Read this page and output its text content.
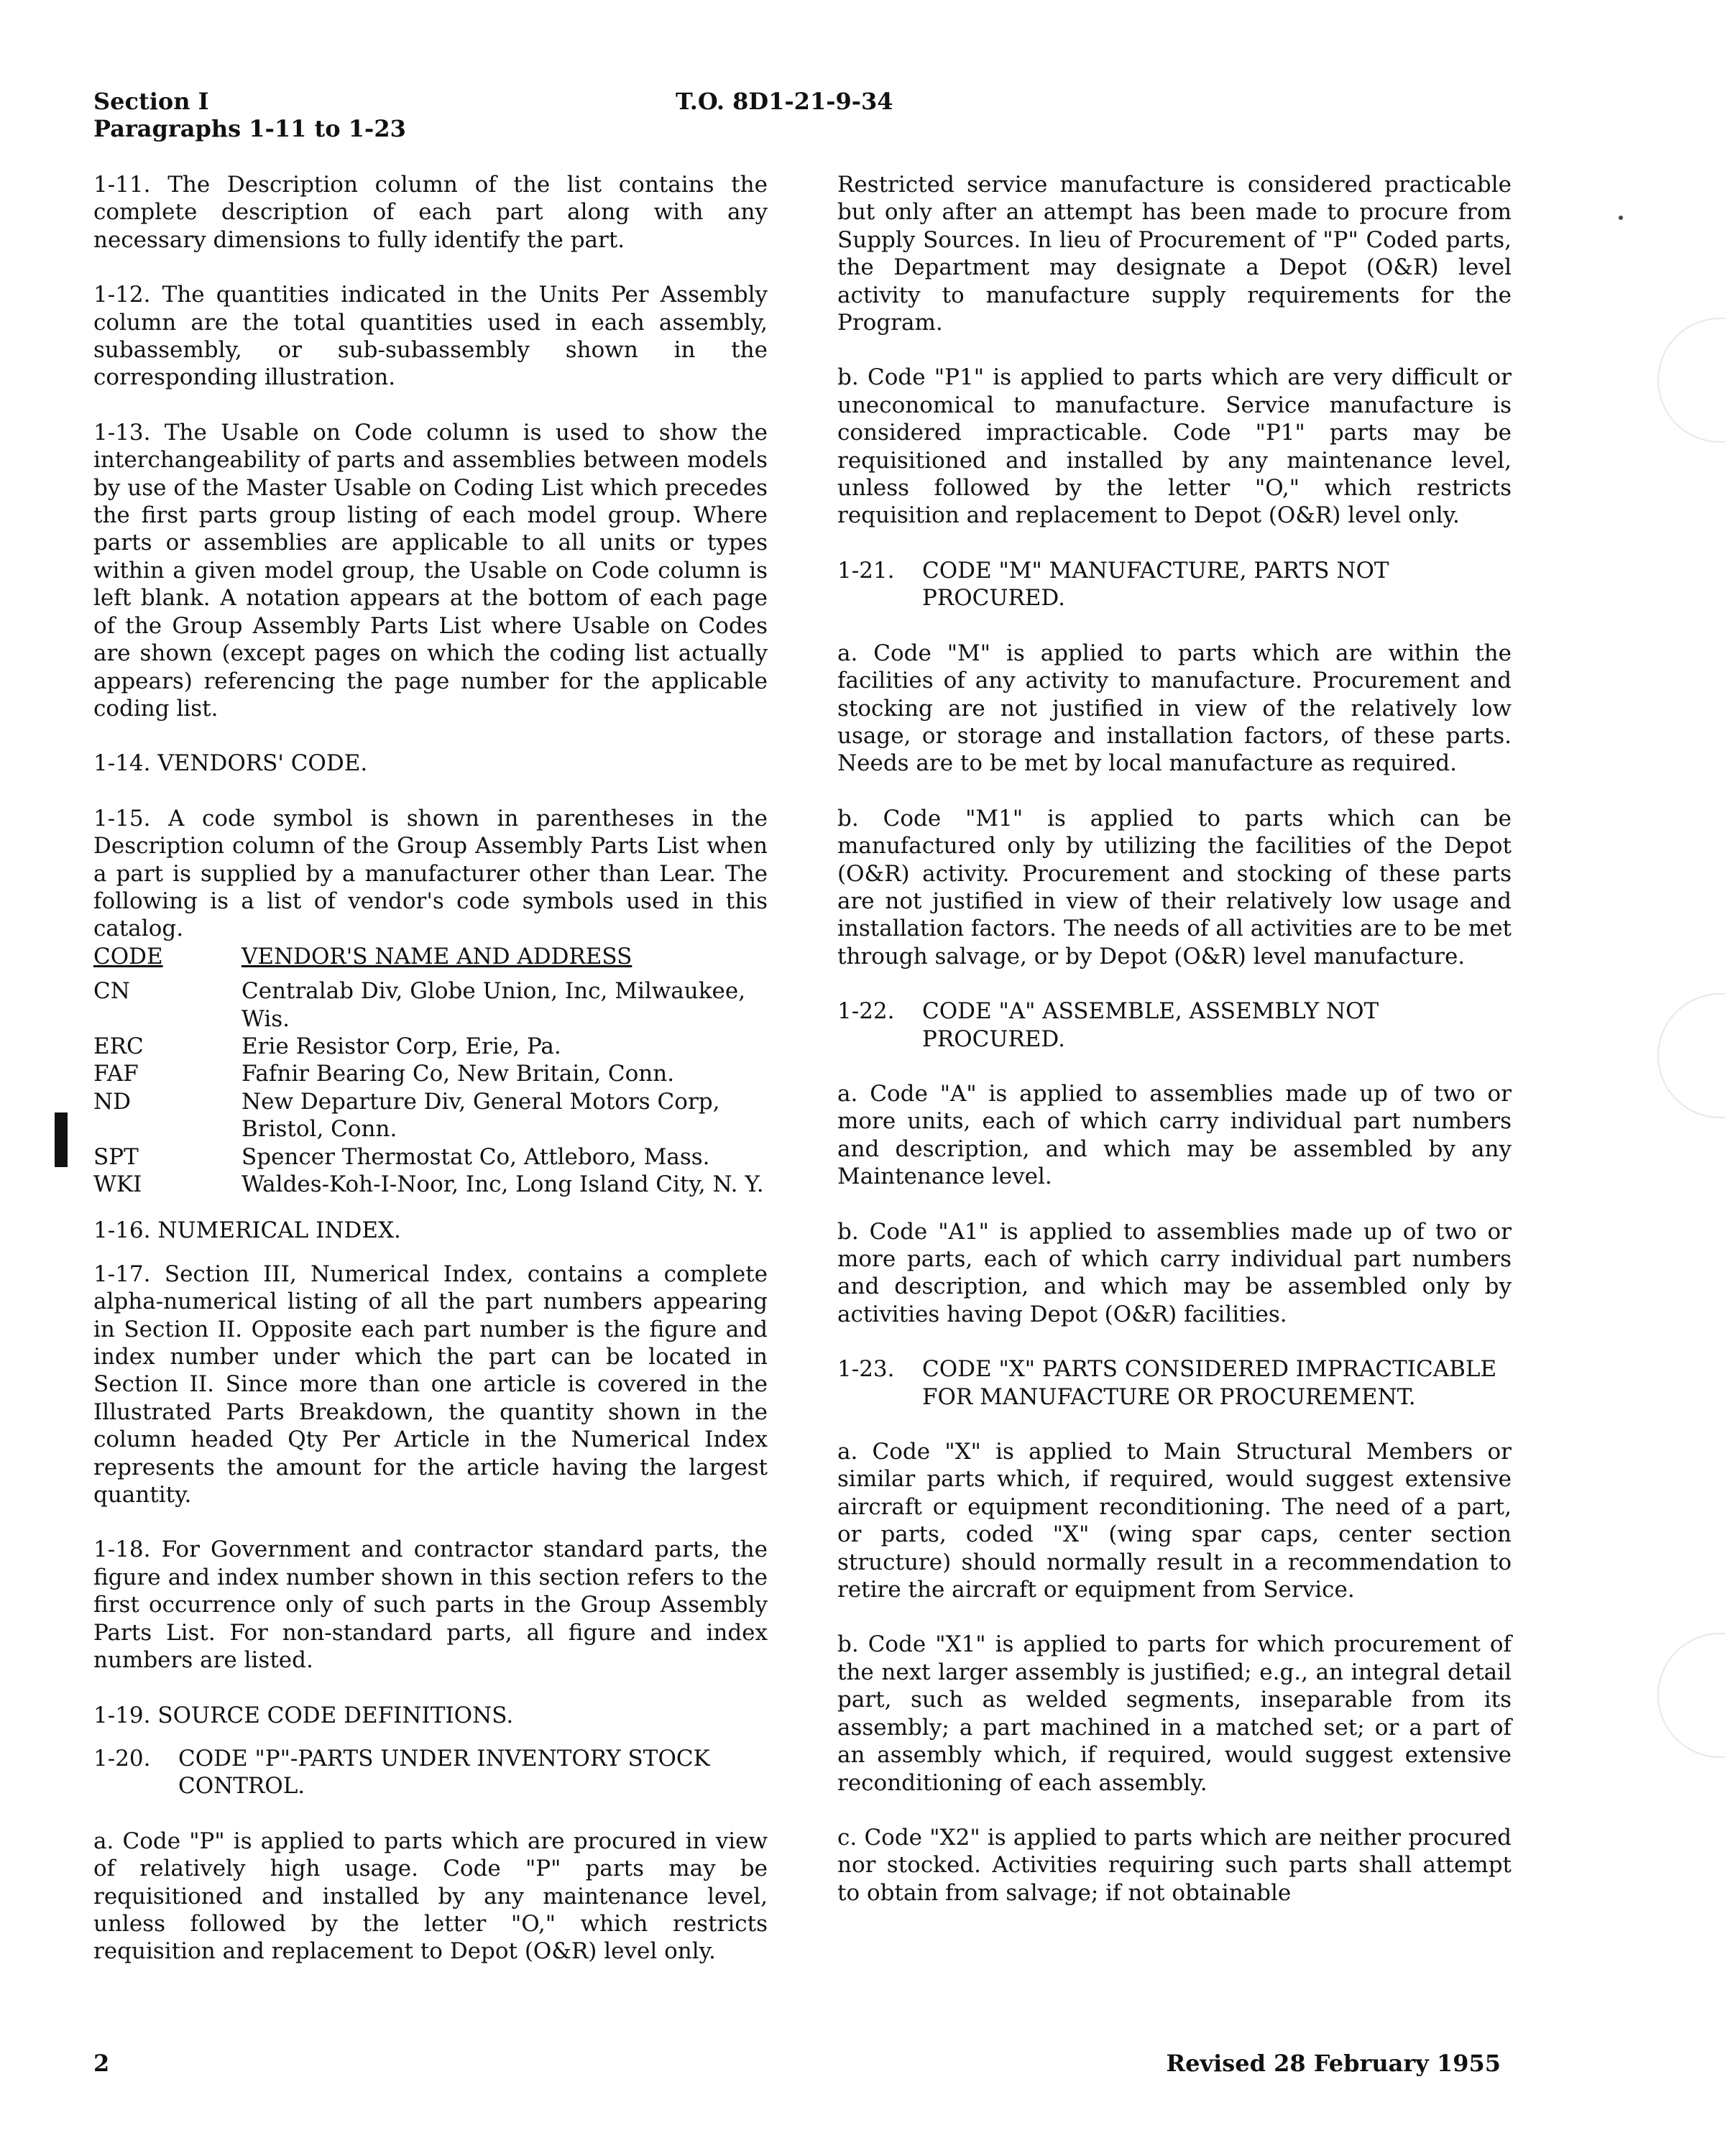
Section I
Paragraphs 1-11 to 1-23
T.O. 8D1-21-9-34

1-11. The Description column of the list contains the complete description of each part along with any necessary dimensions to fully identify the part.

1-12. The quantities indicated in the Units Per Assembly column are the total quantities used in each assembly, subassembly, or sub-subassembly shown in the corresponding illustration.

1-13. The Usable on Code column is used to show the interchangeability of parts and assemblies between models by use of the Master Usable on Coding List which precedes the first parts group listing of each model group. Where parts or assemblies are applicable to all units or types within a given model group, the Usable on Code column is left blank. A notation appears at the bottom of each page of the Group Assembly Parts List where Usable on Codes are shown (except pages on which the coding list actually appears) referencing the page number for the applicable coding list.

1-14. VENDORS' CODE.

1-15. A code symbol is shown in parentheses in the Description column of the Group Assembly Parts List when a part is supplied by a manufacturer other than Lear. The following is a list of vendor's code symbols used in this catalog.

CODE	VENDOR'S NAME AND ADDRESS
CN	Centralab Div, Globe Union, Inc, Milwaukee, Wis.
ERC	Erie Resistor Corp, Erie, Pa.
FAF	Fafnir Bearing Co, New Britain, Conn.
ND	New Departure Div, General Motors Corp, Bristol, Conn.
SPT	Spencer Thermostat Co, Attleboro, Mass.
WKI	Waldes-Koh-I-Noor, Inc, Long Island City, N. Y.

1-16. NUMERICAL INDEX.

1-17. Section III, Numerical Index, contains a complete alpha-numerical listing of all the part numbers appearing in Section II. Opposite each part number is the figure and index number under which the part can be located in Section II. Since more than one article is covered in the Illustrated Parts Breakdown, the quantity shown in the column headed Qty Per Article in the Numerical Index represents the amount for the article having the largest quantity.

1-18. For Government and contractor standard parts, the figure and index number shown in this section refers to the first occurrence only of such parts in the Group Assembly Parts List. For non-standard parts, all figure and index numbers are listed.

1-19. SOURCE CODE DEFINITIONS.

1-20.	CODE "P"-PARTS UNDER INVENTORY STOCK CONTROL.

a. Code "P" is applied to parts which are procured in view of relatively high usage. Code "P" parts may be requisitioned and installed by any maintenance level, unless followed by the letter "O," which restricts requisition and replacement to Depot (O&R) level only.

Restricted service manufacture is considered practicable but only after an attempt has been made to procure from Supply Sources. In lieu of Procurement of "P" Coded parts, the Department may designate a Depot (O&R) level activity to manufacture supply requirements for the Program.

b. Code "P1" is applied to parts which are very difficult or uneconomical to manufacture. Service manufacture is considered impracticable. Code "P1" parts may be requisitioned and installed by any maintenance level, unless followed by the letter "O," which restricts requisition and replacement to Depot (O&R) level only.

1-21.	CODE "M" MANUFACTURE, PARTS NOT PROCURED.

a. Code "M" is applied to parts which are within the facilities of any activity to manufacture. Procurement and stocking are not justified in view of the relatively low usage, or storage and installation factors, of these parts. Needs are to be met by local manufacture as required.

b. Code "M1" is applied to parts which can be manufactured only by utilizing the facilities of the Depot (O&R) activity. Procurement and stocking of these parts are not justified in view of their relatively low usage and installation factors. The needs of all activities are to be met through salvage, or by Depot (O&R) level manufacture.

1-22.	CODE "A" ASSEMBLE, ASSEMBLY NOT PROCURED.

a. Code "A" is applied to assemblies made up of two or more units, each of which carry individual part numbers and description, and which may be assembled by any Maintenance level.

b. Code "A1" is applied to assemblies made up of two or more parts, each of which carry individual part numbers and description, and which may be assembled only by activities having Depot (O&R) facilities.

1-23.	CODE "X" PARTS CONSIDERED IMPRACTICABLE FOR MANUFACTURE OR PROCUREMENT.

a. Code "X" is applied to Main Structural Members or similar parts which, if required, would suggest extensive aircraft or equipment reconditioning. The need of a part, or parts, coded "X" (wing spar caps, center section structure) should normally result in a recommendation to retire the aircraft or equipment from Service.

b. Code "X1" is applied to parts for which procurement of the next larger assembly is justified; e.g., an integral detail part, such as welded segments, inseparable from its assembly; a part machined in a matched set; or a part of an assembly which, if required, would suggest extensive reconditioning of each assembly.

c. Code "X2" is applied to parts which are neither procured nor stocked. Activities requiring such parts shall attempt to obtain from salvage; if not obtainable

2	Revised 28 February 1955
